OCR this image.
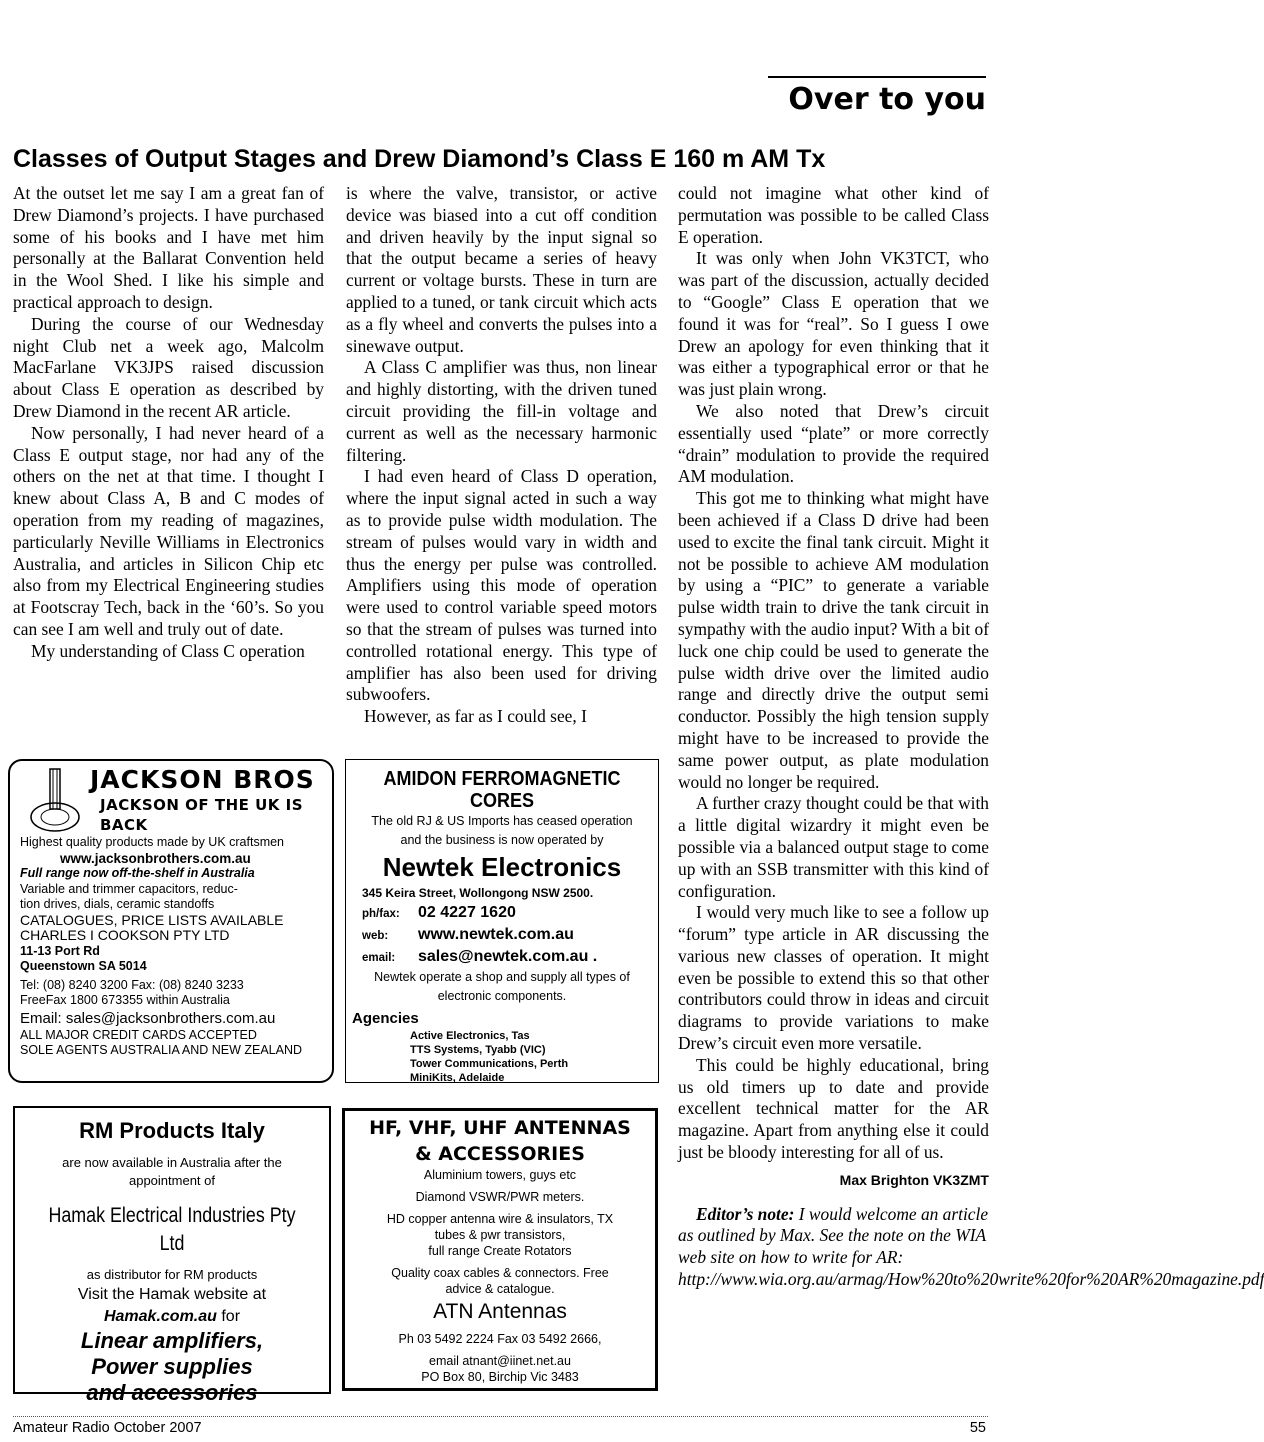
Over to you
Classes of Output Stages and Drew Diamond’s Class E 160 m AM Tx

At the outset let me say I am a great fan of Drew Diamond’s projects. I have purchased some of his books and I have met him personally at the Ballarat Convention held in the Wool Shed. I like his simple and practical approach to design.

During the course of our Wednesday night Club net a week ago, Malcolm MacFarlane VK3JPS raised discussion about Class E operation as described by Drew Diamond in the recent AR article.

Now personally, I had never heard of a Class E output stage, nor had any of the others on the net at that time. I thought I knew about Class A, B and C modes of operation from my reading of magazines, particularly Neville Williams in Electronics Australia, and articles in Silicon Chip etc also from my Electrical Engineering studies at Footscray Tech, back in the ‘60’s. So you can see I am well and truly out of date.

My understanding of Class C operation

is where the valve, transistor, or active device was biased into a cut off condition and driven heavily by the input signal so that the output became a series of heavy current or voltage bursts. These in turn are applied to a tuned, or tank circuit which acts as a fly wheel and converts the pulses into a sinewave output.

A Class C amplifier was thus, non linear and highly distorting, with the driven tuned circuit providing the fill-in voltage and current as well as the necessary harmonic filtering.

I had even heard of Class D operation, where the input signal acted in such a way as to provide pulse width modulation. The stream of pulses would vary in width and thus the energy per pulse was controlled. Amplifiers using this mode of operation were used to control variable speed motors so that the stream of pulses was turned into controlled rotational energy. This type of amplifier has also been used for driving subwoofers.

However, as far as I could see, I

could not imagine what other kind of permutation was possible to be called Class E operation.

It was only when John VK3TCT, who was part of the discussion, actually decided to “Google” Class E operation that we found it was for “real”. So I guess I owe Drew an apology for even thinking that it was either a typographical error or that he was just plain wrong.

We also noted that Drew’s circuit essentially used “plate” or more correctly “drain” modulation to provide the required AM modulation.

This got me to thinking what might have been achieved if a Class D drive had been used to excite the final tank circuit. Might it not be possible to achieve AM modulation by using a “PIC” to generate a variable pulse width train to drive the tank circuit in sympathy with the audio input? With a bit of luck one chip could be used to generate the pulse width drive over the limited audio range and directly drive the output semi conductor. Possibly the high tension supply might have to be increased to provide the same power output, as plate modulation would no longer be required.

A further crazy thought could be that with a little digital wizardry it might even be possible via a balanced output stage to come up with an SSB transmitter with this kind of configuration.

I would very much like to see a follow up “forum” type article in AR discussing the various new classes of operation. It might even be possible to extend this so that other contributors could throw in ideas and circuit diagrams to provide variations to make Drew’s circuit even more versatile.

This could be highly educational, bring us old timers up to date and provide excellent technical matter for the AR magazine. Apart from anything else it could just be bloody interesting for all of us.

Max Brighton VK3ZMT

Editor’s note: I would welcome an article as outlined by Max. See the note on the WIA web site on how to write for AR: http://www.wia.org.au/armag/How%20to%20write%20for%20AR%20magazine.pdf

JACKSON BROS
JACKSON OF THE UK IS BACK
Highest quality products made by UK craftsmen
www.jacksonbrothers.com.au
Full range now off-the-shelf in Australia
Variable and trimmer capacitors, reduc-
tion drives, dials, ceramic standoffs
CATALOGUES, PRICE LISTS AVAILABLE
CHARLES I COOKSON PTY LTD
11-13 Port Rd
Queenstown SA 5014
Tel: (08) 8240 3200 Fax: (08) 8240 3233
FreeFax 1800 673355 within Australia
Email: sales@jacksonbrothers.com.au
ALL MAJOR CREDIT CARDS ACCEPTED
SOLE AGENTS AUSTRALIA AND NEW ZEALAND
AMIDON FERROMAGNETIC CORES
The old RJ & US Imports has ceased operation
and the business is now operated by
Newtek Electronics
345 Keira Street, Wollongong NSW 2500.
ph/fax: 02 4227 1620
web: www.newtek.com.au
email: sales@newtek.com.au .
Newtek operate a shop and supply all types of
electronic components.
Agencies
Active Electronics, Tas
TTS Systems, Tyabb (VIC)
Tower Communications, Perth
MiniKits, Adelaide
RM Products Italy
are now available in Australia after the
appointment of
Hamak Electrical Industries Pty Ltd
as distributor for RM products
Visit the Hamak website at
Hamak.com.au for
Linear amplifiers,
Power supplies
and accessories
HF, VHF, UHF ANTENNAS
& ACCESSORIES
Aluminium towers, guys etc
Diamond VSWR/PWR meters.
HD copper antenna wire & insulators, TX
tubes & pwr transistors,
full range Create Rotators
Quality coax cables & connectors. Free
advice & catalogue.
ATN Antennas
Ph 03 5492 2224 Fax 03 5492 2666,
email atnant@iinet.net.au
PO Box 80, Birchip Vic 3483
Amateur Radio October 2007	55
